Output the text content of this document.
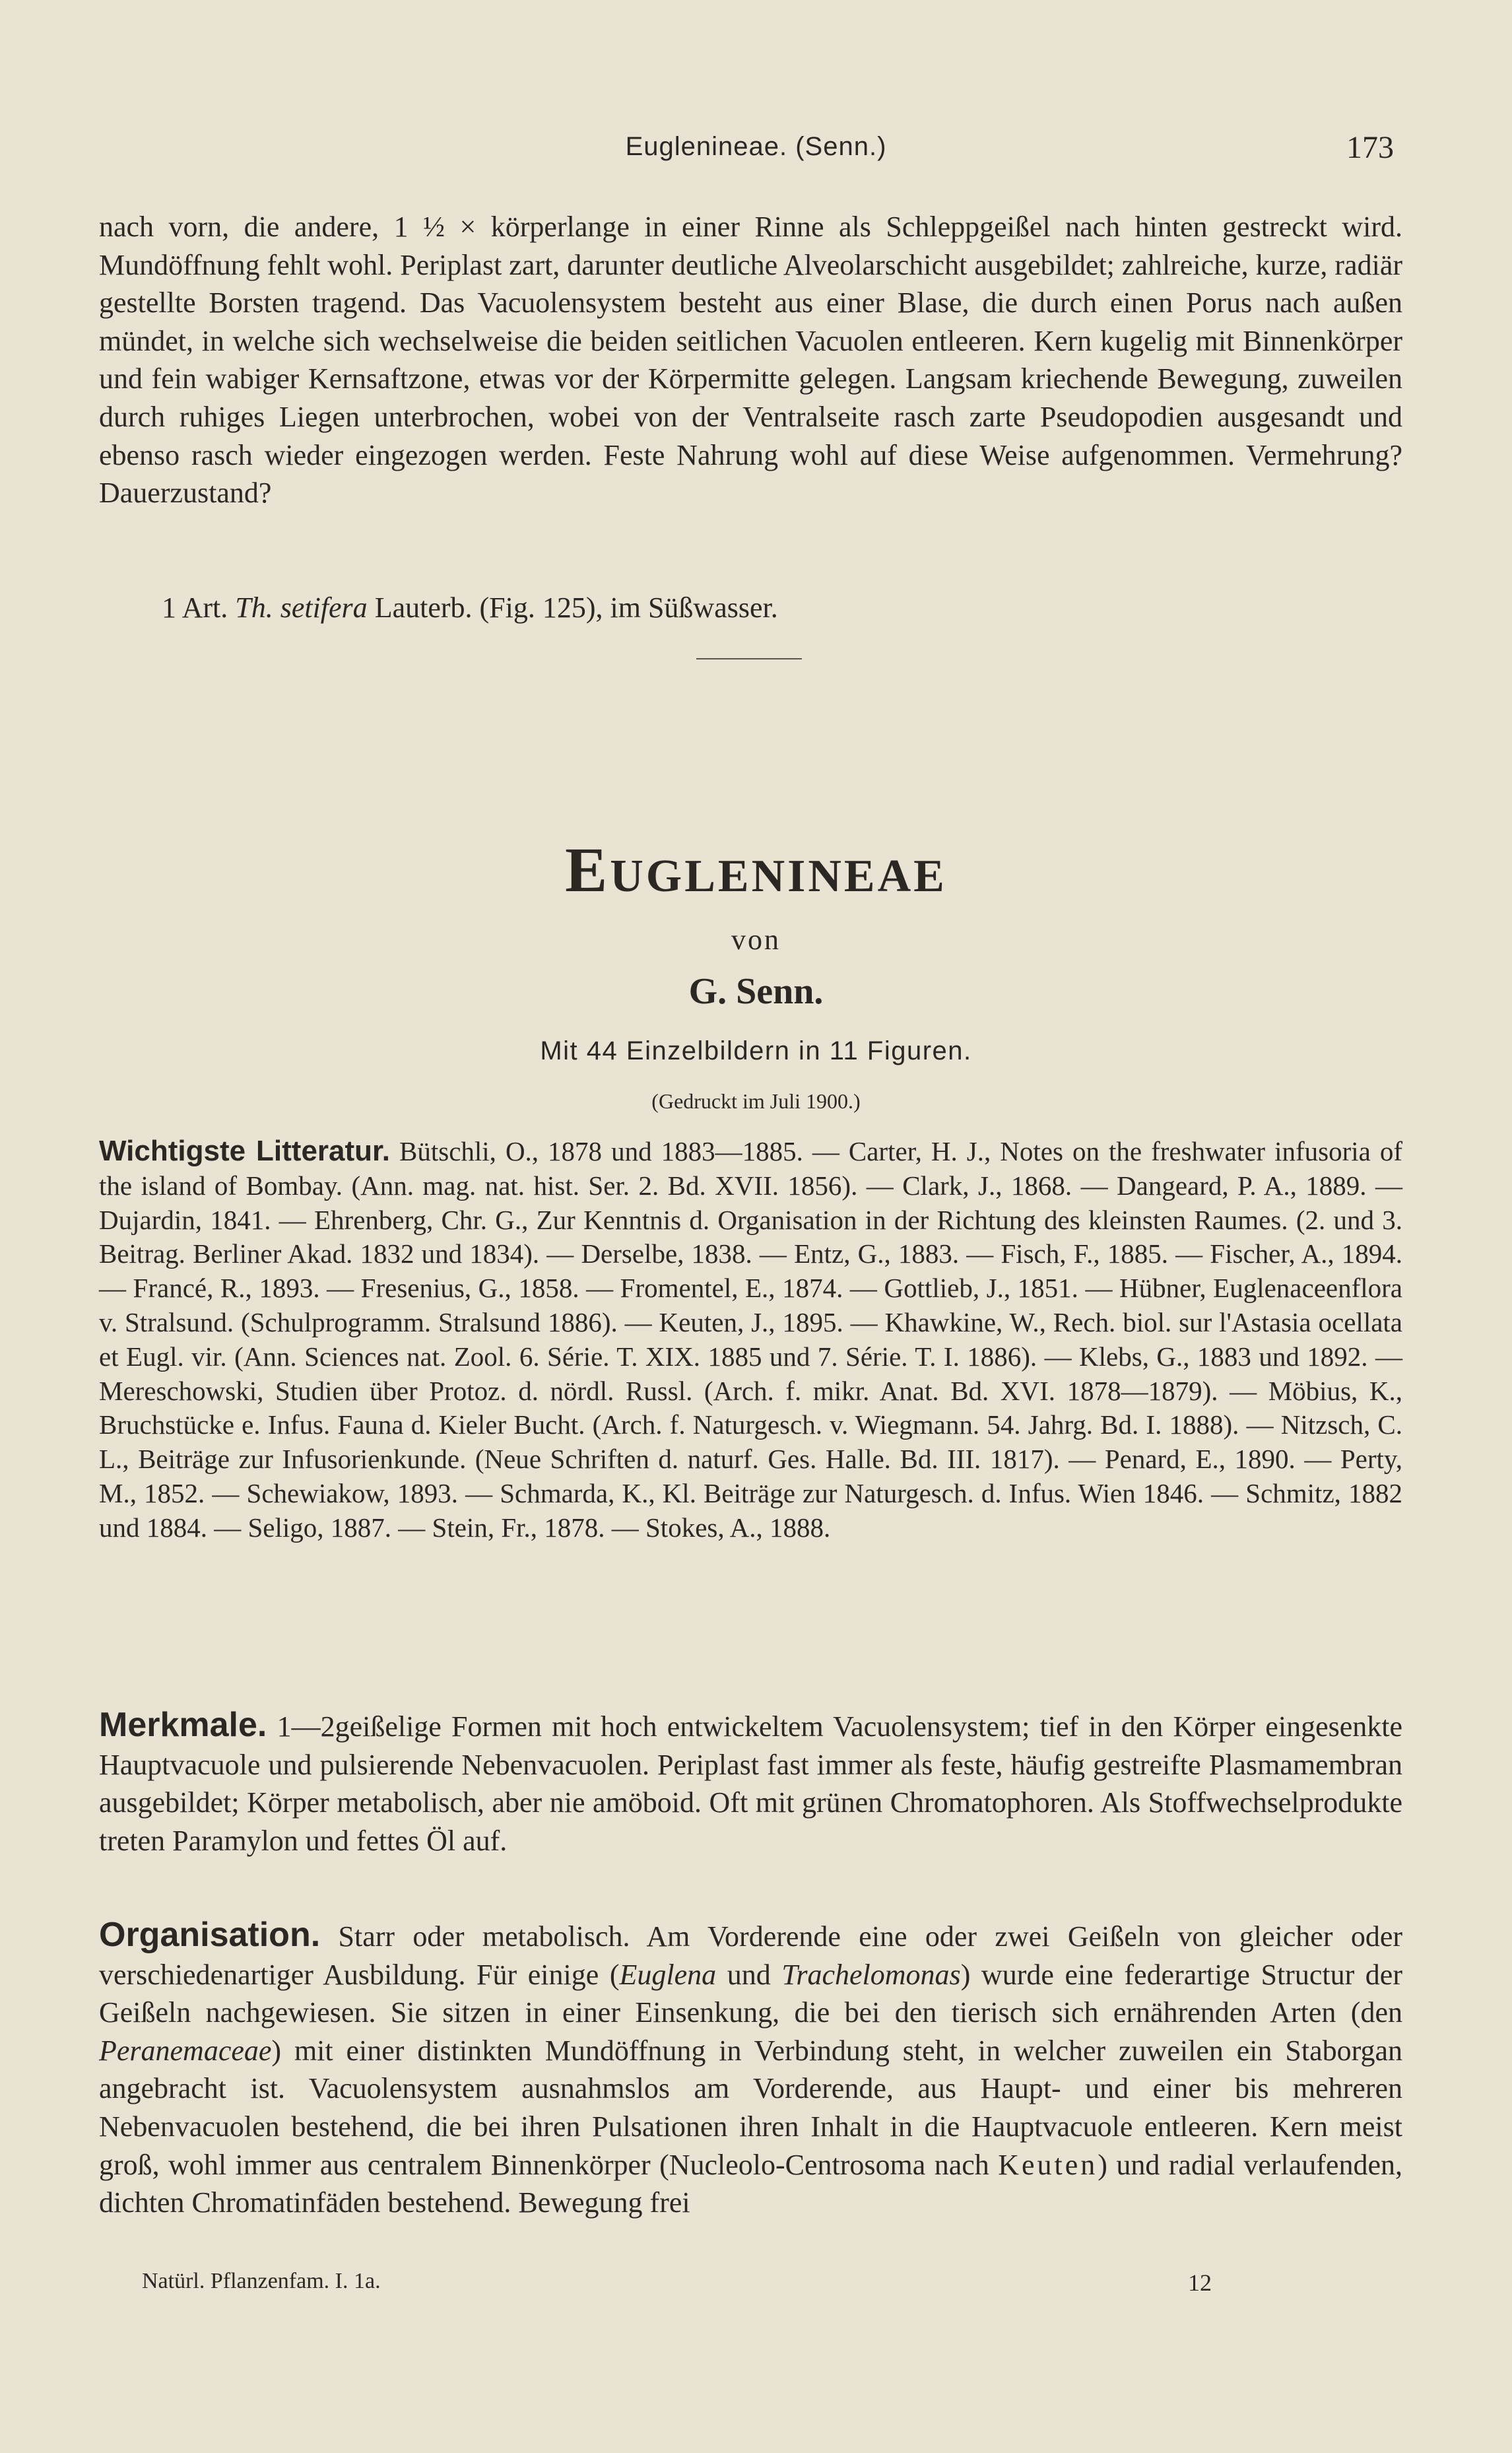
Euglenineae. (Senn.)	173

nach vorn, die andere, 1 ½ × körperlange in einer Rinne als Schleppgeißel nach hinten gestreckt wird. Mundöffnung fehlt wohl. Periplast zart, darunter deutliche Alveolarschicht ausgebildet; zahlreiche, kurze, radiär gestellte Borsten tragend. Das Vacuolensystem besteht aus einer Blase, die durch einen Porus nach außen mündet, in welche sich wechselweise die beiden seitlichen Vacuolen entleeren. Kern kugelig mit Binnenkörper und fein wabiger Kernsaftzone, etwas vor der Körpermitte gelegen. Langsam kriechende Bewegung, zuweilen durch ruhiges Liegen unterbrochen, wobei von der Ventralseite rasch zarte Pseudopodien ausgesandt und ebenso rasch wieder eingezogen werden. Feste Nahrung wohl auf diese Weise aufgenommen. Vermehrung? Dauerzustand?

1 Art. Th. setifera Lauterb. (Fig. 125), im Süßwasser.
EUGLENINEAE
von
G. Senn.
Mit 44 Einzelbildern in 11 Figuren.
(Gedruckt im Juli 1900.)

Wichtigste Litteratur. Bütschli, O., 1878 und 1883—1885. — Carter, H. J., Notes on the freshwater infusoria of the island of Bombay. (Ann. mag. nat. hist. Ser. 2. Bd. XVII. 1856). — Clark, J., 1868. — Dangeard, P. A., 1889. — Dujardin, 1841. — Ehrenberg, Chr. G., Zur Kenntnis d. Organisation in der Richtung des kleinsten Raumes. (2. und 3. Beitrag. Berliner Akad. 1832 und 1834). — Derselbe, 1838. — Entz, G., 1883. — Fisch, F., 1885. — Fischer, A., 1894. — Francé, R., 1893. — Fresenius, G., 1858. — Fromentel, E., 1874. — Gottlieb, J., 1851. — Hübner, Euglenaceenflora v. Stralsund. (Schulprogramm. Stralsund 1886). — Keuten, J., 1895. — Khawkine, W., Rech. biol. sur l'Astasia ocellata et Eugl. vir. (Ann. Sciences nat. Zool. 6. Série. T. XIX. 1885 und 7. Série. T. I. 1886). — Klebs, G., 1883 und 1892. — Mereschowski, Studien über Protoz. d. nördl. Russl. (Arch. f. mikr. Anat. Bd. XVI. 1878—1879). — Möbius, K., Bruchstücke e. Infus. Fauna d. Kieler Bucht. (Arch. f. Naturgesch. v. Wiegmann. 54. Jahrg. Bd. I. 1888). — Nitzsch, C. L., Beiträge zur Infusorienkunde. (Neue Schriften d. naturf. Ges. Halle. Bd. III. 1817). — Penard, E., 1890. — Perty, M., 1852. — Schewiakow, 1893. — Schmarda, K., Kl. Beiträge zur Naturgesch. d. Infus. Wien 1846. — Schmitz, 1882 und 1884. — Seligo, 1887. — Stein, Fr., 1878. — Stokes, A., 1888.

Merkmale. 1—2geißelige Formen mit hoch entwickeltem Vacuolensystem; tief in den Körper eingesenkte Hauptvacuole und pulsierende Nebenvacuolen. Periplast fast immer als feste, häufig gestreifte Plasmamembran ausgebildet; Körper metabolisch, aber nie amöboid. Oft mit grünen Chromatophoren. Als Stoffwechselprodukte treten Paramylon und fettes Öl auf.

Organisation. Starr oder metabolisch. Am Vorderende eine oder zwei Geißeln von gleicher oder verschiedenartiger Ausbildung. Für einige (Euglena und Trachelomonas) wurde eine federartige Structur der Geißeln nachgewiesen. Sie sitzen in einer Einsenkung, die bei den tierisch sich ernährenden Arten (den Peranemaceae) mit einer distinkten Mundöffnung in Verbindung steht, in welcher zuweilen ein Staborgan angebracht ist. Vacuolensystem ausnahmslos am Vorderende, aus Haupt- und einer bis mehreren Nebenvacuolen bestehend, die bei ihren Pulsationen ihren Inhalt in die Hauptvacuole entleeren. Kern meist groß, wohl immer aus centralem Binnenkörper (Nucleolo-Centrosoma nach Keuten) und radial verlaufenden, dichten Chromatinfäden bestehend. Bewegung frei

Natürl. Pflanzenfam. I. 1a.	12
